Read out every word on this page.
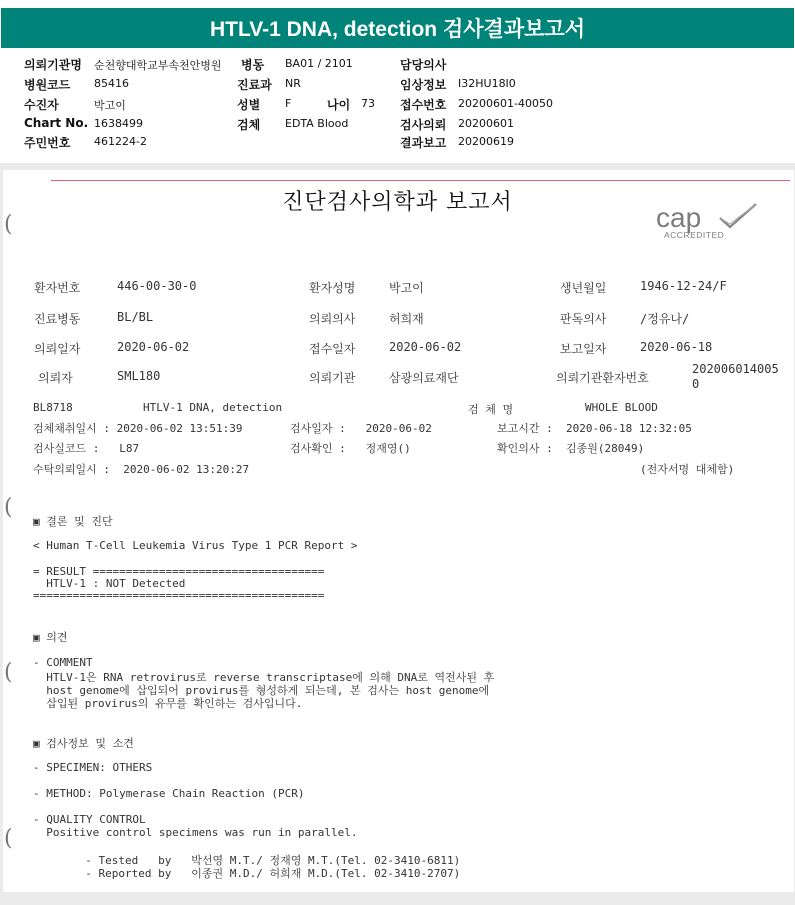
HTLV-1 DNA, detection 검사결과보고서
의뢰기관명 순천향대학교부속천안병원 병동 BA01 / 2101	담당의사
병원코드 85416	진료과 NR	임상정보 I32HU18I0
수진자	박고이	성별 F	나이 73 접수번호 20200601-40050
Chart No. 1638499	검체 EDTA Blood	검사의뢰 20200601
주민번호 461224-2	결과보고 20200619
진단검사의학과 보고서	cap
ACCREDITED
(
(
(
(
환자번호	446-00-30-0	환자성명	박고이	생년월일	1946-12-24/F
진료병동	BL/BL	의뢰의사	허희재	판독의사	/정유나/
의뢰일자	2020-06-02	접수일자	2020-06-02	보고일자	2020-06-18
의뢰자	SML180	의뢰기관	삼광의료재단	의뢰기관환자번호
202006014005
0
BL8718	HTLV-1 DNA, detection	검 체 명	WHOLE BLOOD
검체채취일시 : 2020-06-02 13:51:39	검사일자 :   2020-06-02	보고시간 :  2020-06-18 12:32:05
검사실코드 :   L87	검사확인 :   정재영()	확인의사 :  김종원(28049)
수탁의뢰일시 :  2020-06-02 13:20:27	(전자서명 대체함)
▣ 결론 및 진단
< Human T-Cell Leukemia Virus Type 1 PCR Report >
= RESULT ===================================
HTLV-1 : NOT Detected
============================================
▣ 의견
- COMMENT
HTLV-1은 RNA retrovirus로 reverse transcriptase에 의해 DNA로 역전사된 후
host genome에 삽입되어 provirus를 형성하게 되는데, 본 검사는 host genome에
삽입된 provirus의 유무를 확인하는 검사입니다.
▣ 검사정보 및 소견
- SPECIMEN: OTHERS
- METHOD: Polymerase Chain Reaction (PCR)
- QUALITY CONTROL
Positive control specimens was run in parallel.
- Tested   by   박선영 M.T./ 정재영 M.T.(Tel. 02-3410-6811)
- Reported by   이종권 M.D./ 허희재 M.D.(Tel. 02-3410-2707)
